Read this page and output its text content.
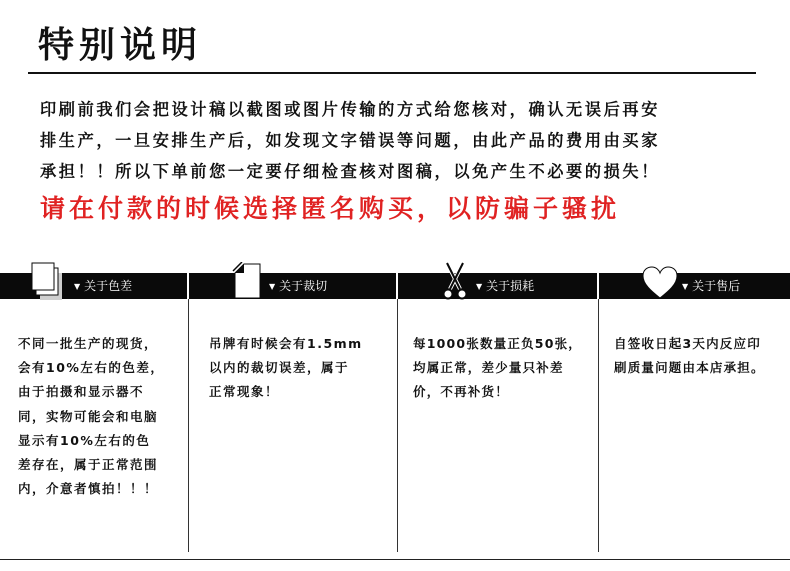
特别说明

印刷前我们会把设计稿以截图或图片传输的方式给您核对，确认无误后再安

排生产，一旦安排生产后，如发现文字错误等问题，由此产品的费用由买家

承担！！所以下单前您一定要仔细检查核对图稿，以免产生不必要的损失！

请在付款的时候选择匿名购买，以防骗子骚扰
▼ 关于色差	▼ 关于裁切	▼ 关于损耗	▼ 关于售后

不同一批生产的现货，

会有10%左右的色差，

由于拍摄和显示器不

同，实物可能会和电脑

显示有10%左右的色

差存在，属于正常范围

内，介意者慎拍！！！

吊牌有时候会有1.5mm

以内的裁切误差，属于

正常现象！

每1000张数量正负50张，

均属正常，差少量只补差

价，不再补货！

自签收日起3天内反应印

刷质量问题由本店承担。
